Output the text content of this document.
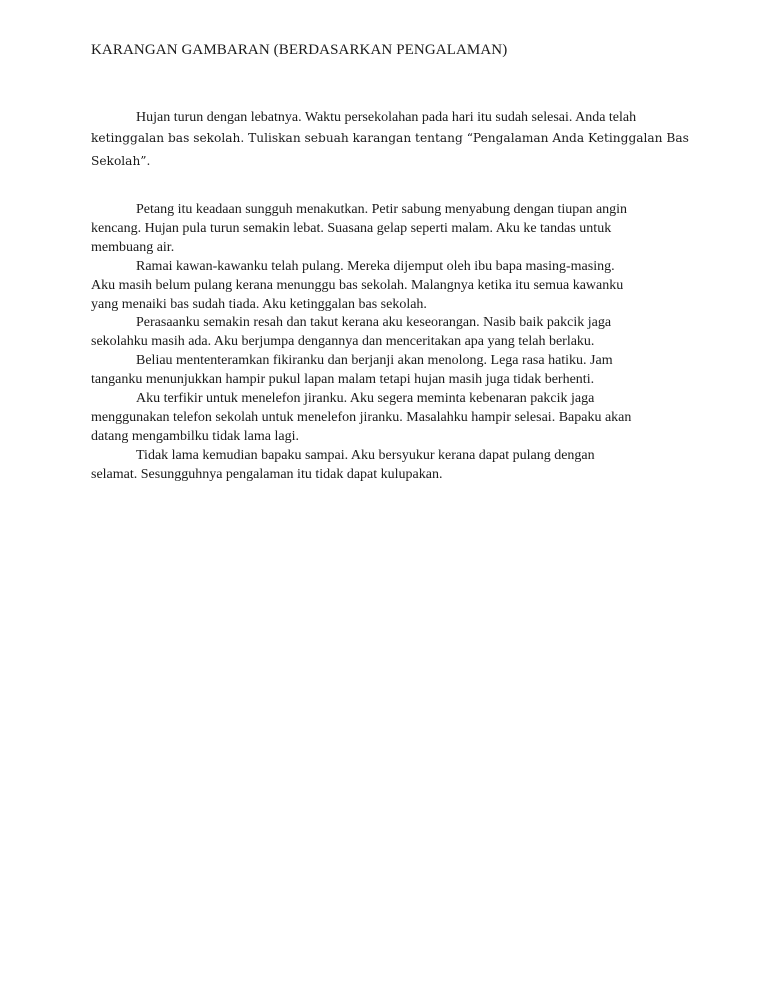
KARANGAN GAMBARAN (BERDASARKAN PENGALAMAN)
Hujan turun dengan lebatnya. Waktu persekolahan pada hari itu sudah selesai. Anda telah
ketinggalan bas sekolah. Tuliskan sebuah karangan tentang “Pengalaman Anda Ketinggalan Bas
Sekolah”.

Petang itu keadaan sungguh menakutkan. Petir sabung menyabung dengan tiupan angin
kencang. Hujan pula turun semakin lebat. Suasana gelap seperti malam. Aku ke tandas untuk
membuang air.

Ramai kawan-kawanku telah pulang. Mereka dijemput oleh ibu bapa masing-masing.
Aku masih belum pulang kerana menunggu bas sekolah. Malangnya ketika itu semua kawanku
yang menaiki bas sudah tiada. Aku ketinggalan bas sekolah.

Perasaanku semakin resah dan takut kerana aku keseorangan. Nasib baik pakcik jaga
sekolahku masih ada. Aku berjumpa dengannya dan menceritakan apa yang telah berlaku.

Beliau mententeramkan fikiranku dan berjanji akan menolong. Lega rasa hatiku. Jam
tanganku menunjukkan hampir pukul lapan malam tetapi hujan masih juga tidak berhenti.

Aku terfikir untuk menelefon jiranku. Aku segera meminta kebenaran pakcik jaga
menggunakan telefon sekolah untuk menelefon jiranku. Masalahku hampir selesai. Bapaku akan
datang mengambilku tidak lama lagi.

Tidak lama kemudian bapaku sampai. Aku bersyukur kerana dapat pulang dengan
selamat. Sesungguhnya pengalaman itu tidak dapat kulupakan.
